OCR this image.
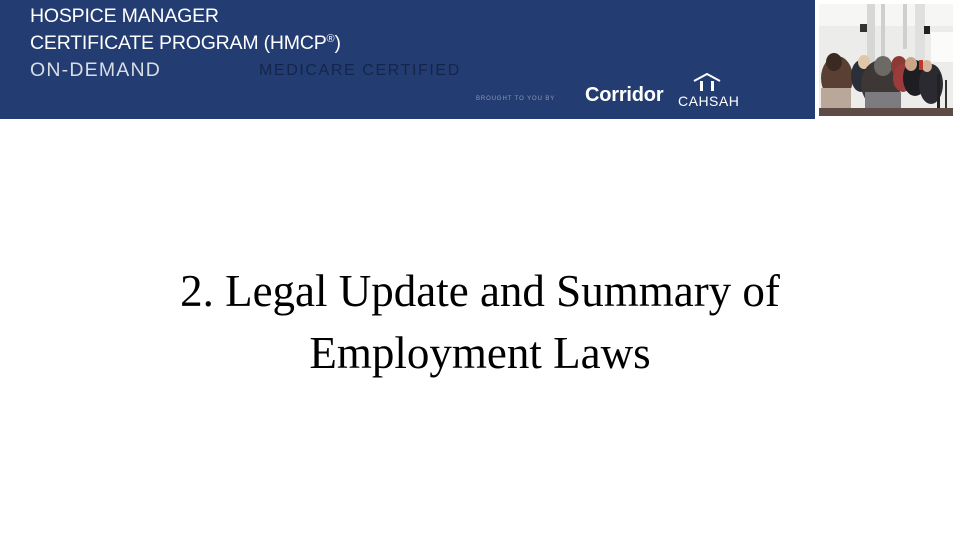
HOSPICE MANAGER
CERTIFICATE PROGRAM (HMCP®)
ON-DEMAND	MEDICARE CERTIFIED
BROUGHT TO YOU BY Corridor CAHSAH
2. Legal Update and Summary of
Employment Laws
